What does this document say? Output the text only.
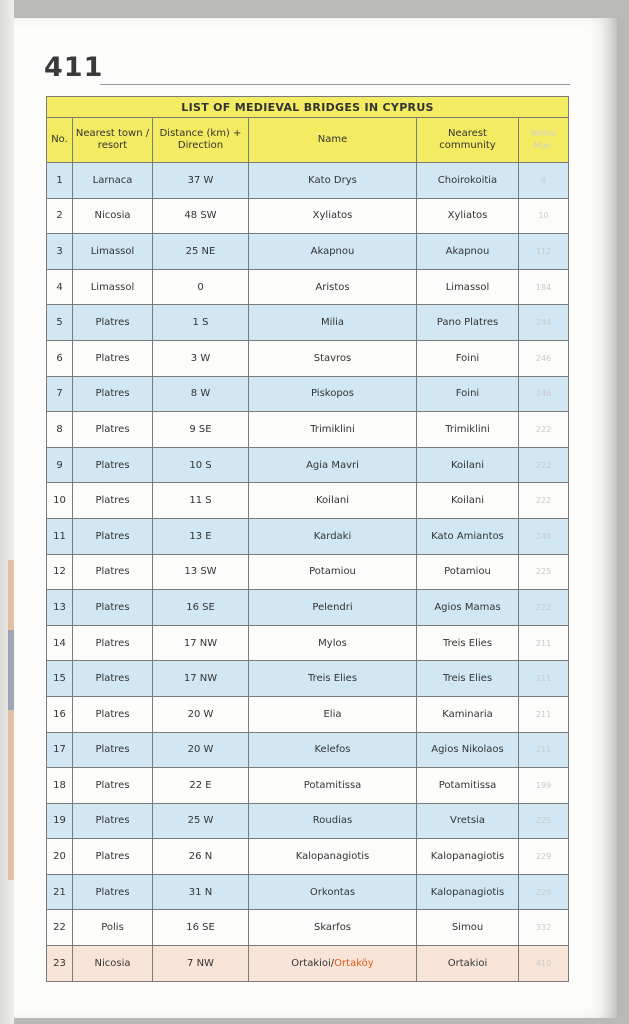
411
LIST OF MEDIEVAL BRIDGES IN CYPRUS					
No.	Nearest town / resort	Distance (km) + Direction	Name	Nearest community	Within Mun.
1	Larnaca	37 W	Kato Drys	Choirokoitia	6
2	Nicosia	48 SW	Xyliatos	Xyliatos	10
3	Limassol	25 NE	Akapnou	Akapnou	112
4	Limassol	0	Aristos	Limassol	184
5	Platres	1 S	Milia	Pano Platres	244
6	Platres	3 W	Stavros	Foini	246
7	Platres	8 W	Piskopos	Foini	246
8	Platres	9 SE	Trimiklini	Trimiklini	222
9	Platres	10 S	Agia Mavri	Koilani	222
10	Platres	11 S	Koilani	Koilani	222
11	Platres	13 E	Kardaki	Kato Amiantos	248
12	Platres	13 SW	Potamiou	Potamiou	225
13	Platres	16 SE	Pelendri	Agios Mamas	222
14	Platres	17 NW	Mylos	Treis Elies	211
15	Platres	17 NW	Treis Elies	Treis Elies	211
16	Platres	20 W	Elia	Kaminaria	211
17	Platres	20 W	Kelefos	Agios Nikolaos	211
18	Platres	22 E	Potamitissa	Potamitissa	199
19	Platres	25 W	Roudias	Vretsia	225
20	Platres	26 N	Kalopanagiotis	Kalopanagiotis	229
21	Platres	31 N	Orkontas	Kalopanagiotis	229
22	Polis	16 SE	Skarfos	Simou	332
23	Nicosia	7 NW	Ortakioi/Ortaköy	Ortakioi	410
